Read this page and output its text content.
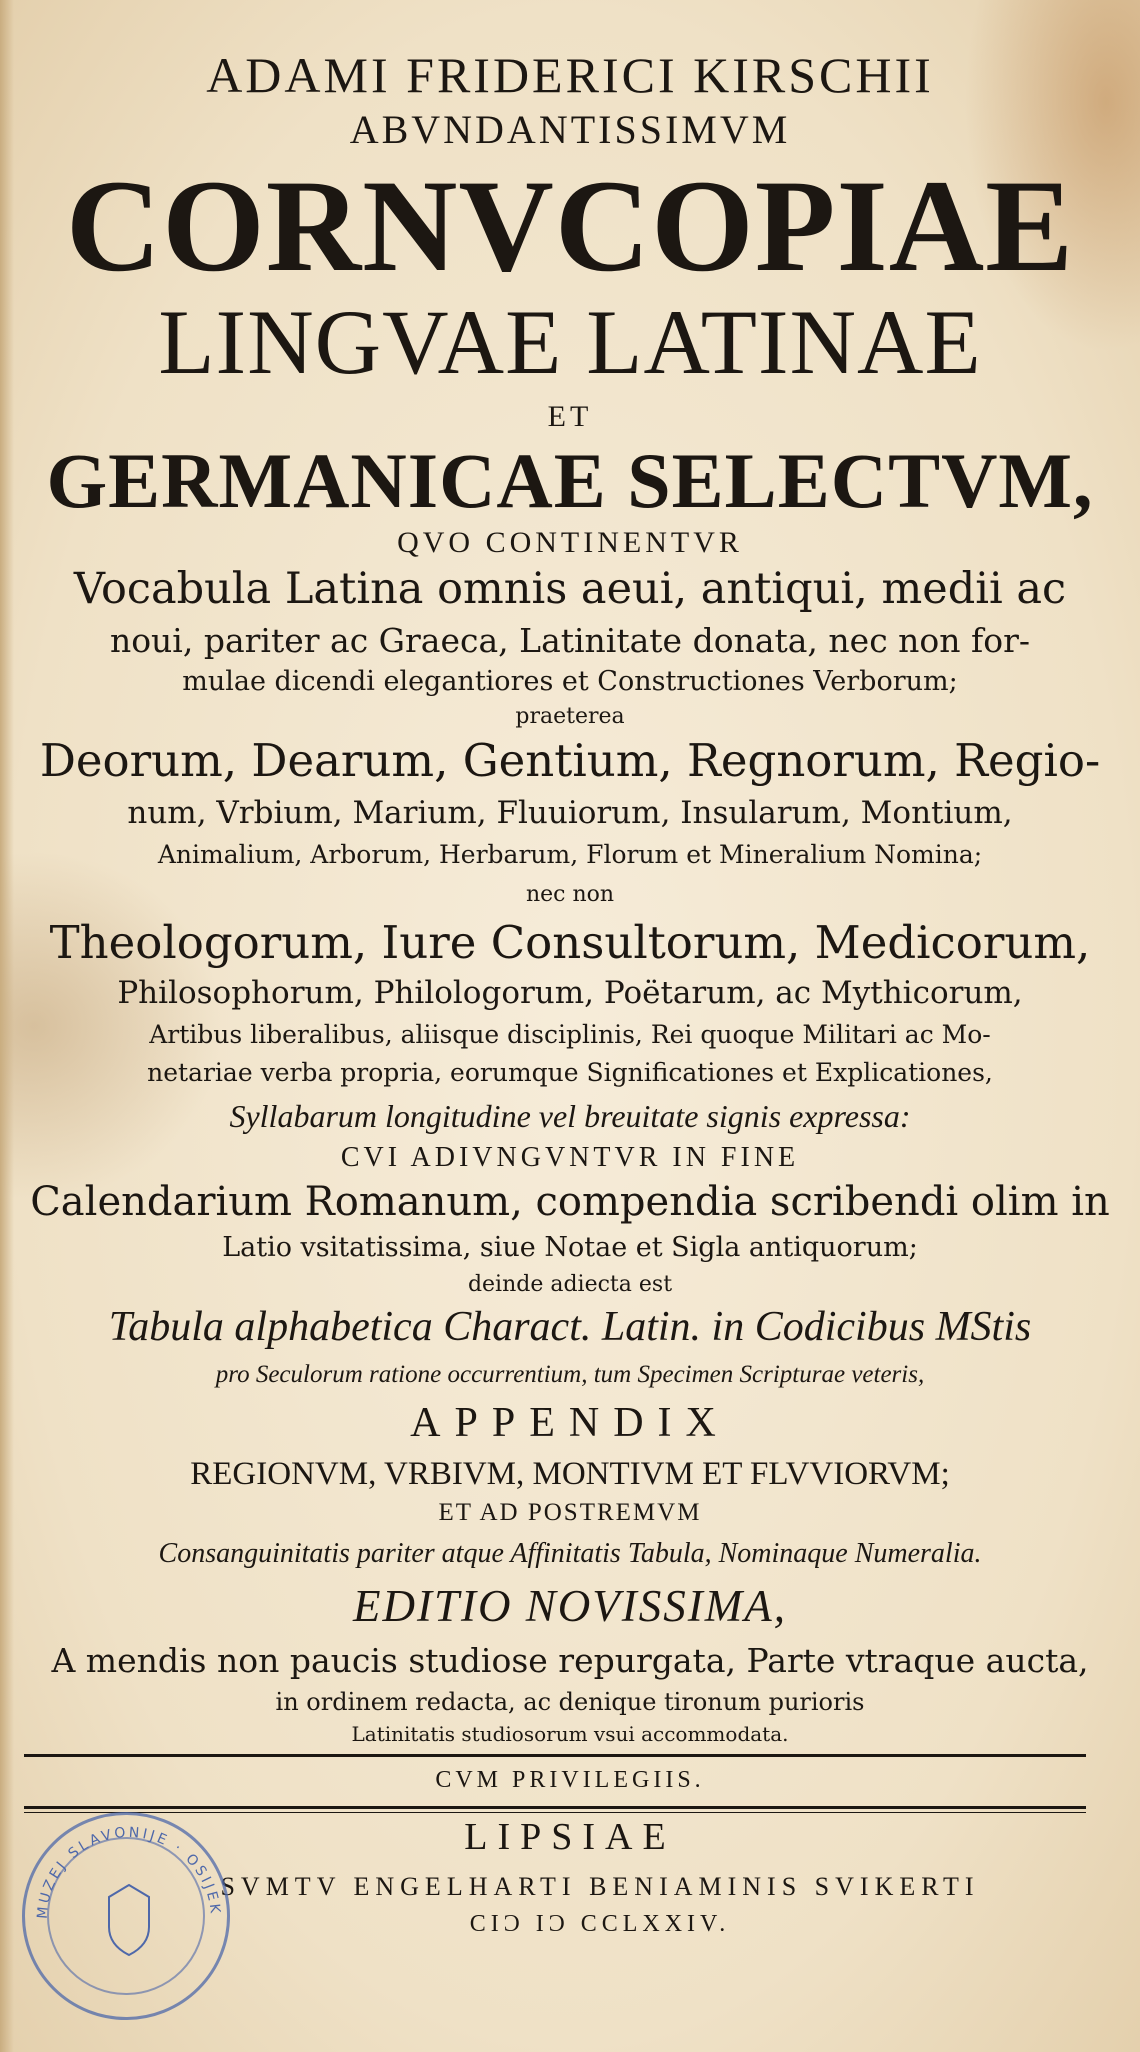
ADAMI FRIDERICI KIRSCHII

ABVNDANTISSIMVM

CORNVCOPIAE

LINGVAE LATINAE

ET

GERMANICAE SELECTVM,

QVO CONTINENTVR

Vocabula Latina omnis aeui, antiqui, medii ac

noui, pariter ac Graeca, Latinitate donata, nec non for-

mulae dicendi elegantiores et Constructiones Verborum;

praeterea

Deorum, Dearum, Gentium, Regnorum, Regio-

num, Vrbium, Marium, Fluuiorum, Insularum, Montium,

Animalium, Arborum, Herbarum, Florum et Mineralium Nomina;

nec non

Theologorum, Iure Consultorum, Medicorum,

Philosophorum, Philologorum, Poëtarum, ac Mythicorum,

Artibus liberalibus, aliisque disciplinis, Rei quoque Militari ac Mo-

netariae verba propria, eorumque Significationes et Explicationes,

Syllabarum longitudine vel breuitate signis expressa:

CVI ADIVNGVNTVR IN FINE

Calendarium Romanum, compendia scribendi olim in

Latio vsitatissima, siue Notae et Sigla antiquorum;

deinde adiecta est

Tabula alphabetica Charact. Latin. in Codicibus MStis

pro Seculorum ratione occurrentium, tum Specimen Scripturae veteris,

APPENDIX

REGIONVM, VRBIVM, MONTIVM ET FLVVIORVM;

ET AD POSTREMVM

Consanguinitatis pariter atque Affinitatis Tabula, Nominaque Numeralia.

EDITIO NOVISSIMA,

A mendis non paucis studiose repurgata, Parte vtraque aucta,

in ordinem redacta, ac denique tironum purioris

Latinitatis studiosorum vsui accommodata.

CVM PRIVILEGIIS.

LIPSIAE

SVMTV ENGELHARTI BENIAMINIS SVIKERTI

CIϽ IϽ CCLXXIV.

MUZEJ SLAVONIJE · OSIJEK
